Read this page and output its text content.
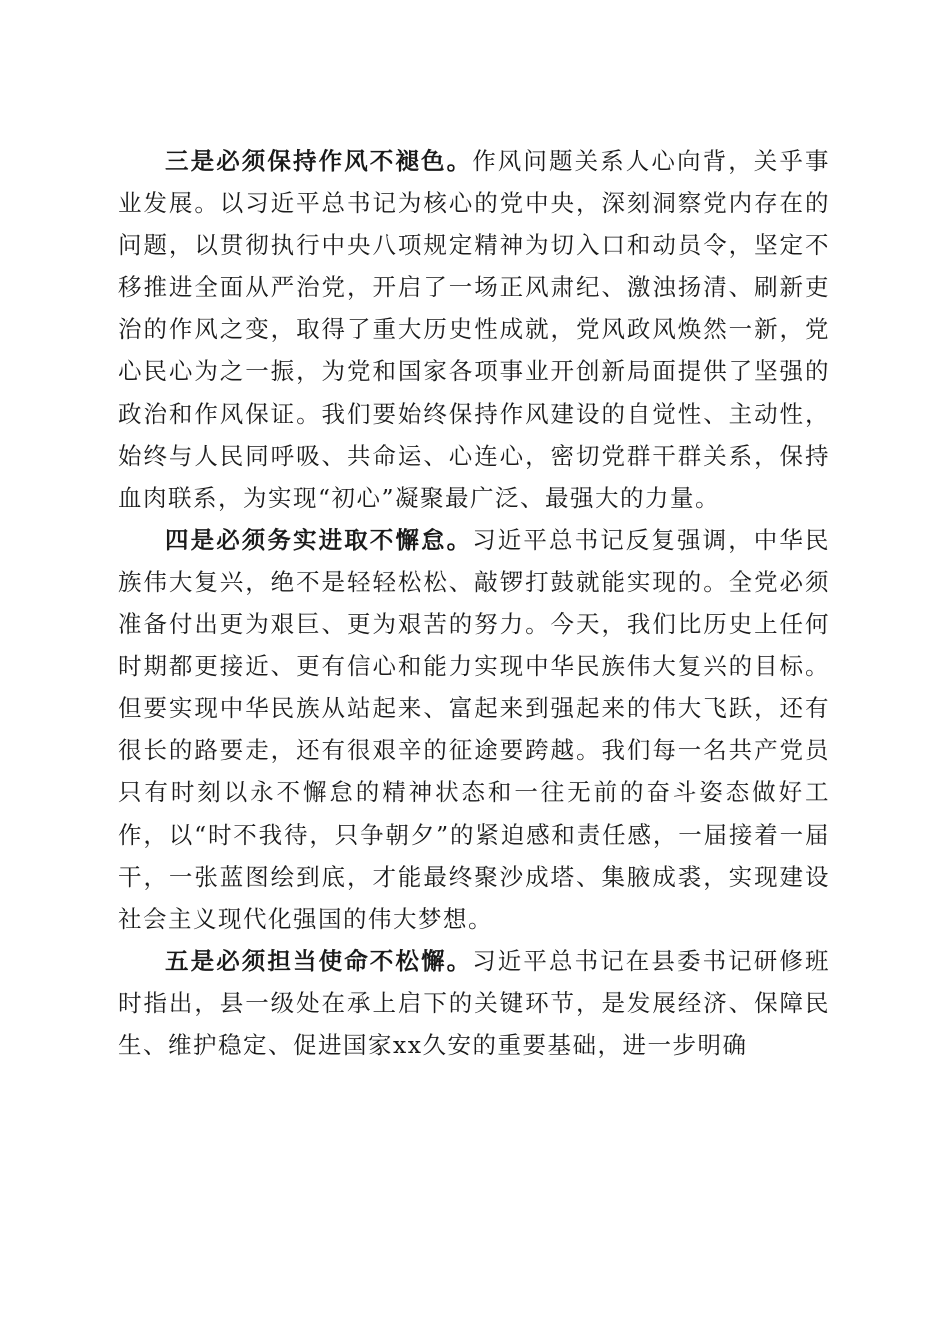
三是必须保持作风不褪色。作风问题关系人心向背，关乎事业发展。以习近平总书记为核心的党中央，深刻洞察党内存在的问题，以贯彻执行中央八项规定精神为切入口和动员令，坚定不移推进全面从严治党，开启了一场正风肃纪、激浊扬清、刷新吏治的作风之变，取得了重大历史性成就，党风政风焕然一新，党心民心为之一振，为党和国家各项事业开创新局面提供了坚强的政治和作风保证。我们要始终保持作风建设的自觉性、主动性，始终与人民同呼吸、共命运、心连心，密切党群干群关系，保持血肉联系，为实现“初心”凝聚最广泛、最强大的力量。

四是必须务实进取不懈怠。习近平总书记反复强调，中华民族伟大复兴，绝不是轻轻松松、敲锣打鼓就能实现的。全党必须准备付出更为艰巨、更为艰苦的努力。今天，我们比历史上任何时期都更接近、更有信心和能力实现中华民族伟大复兴的目标。但要实现中华民族从站起来、富起来到强起来的伟大飞跃，还有很长的路要走，还有很艰辛的征途要跨越。我们每一名共产党员只有时刻以永不懈怠的精神状态和一往无前的奋斗姿态做好工作，以“时不我待，只争朝夕”的紧迫感和责任感，一届接着一届干，一张蓝图绘到底，才能最终聚沙成塔、集腋成裘，实现建设社会主义现代化强国的伟大梦想。

五是必须担当使命不松懈。习近平总书记在县委书记研修班时指出，县一级处在承上启下的关键环节，是发展经济、保障民生、维护稳定、促进国家xx久安的重要基础，进一步明确
